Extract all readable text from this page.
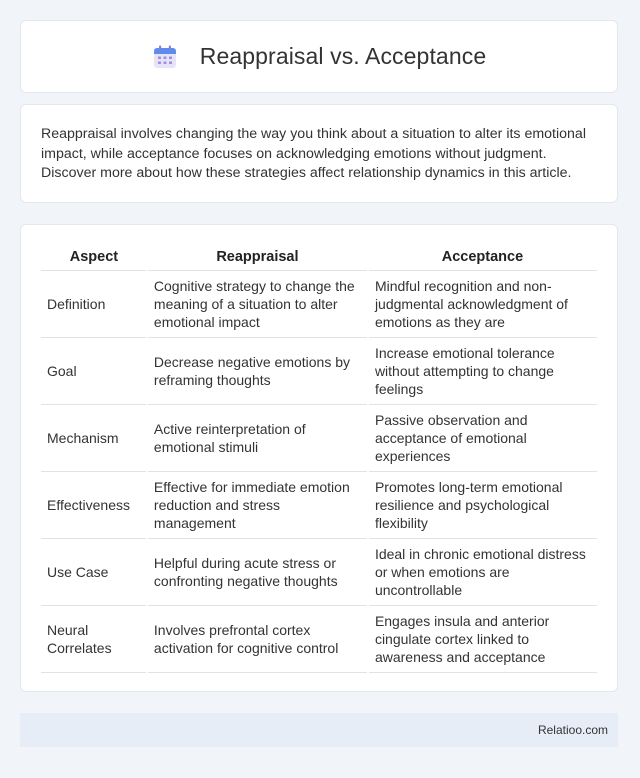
Reappraisal vs. Acceptance

Reappraisal involves changing the way you think about a situation to alter its emotional impact, while acceptance focuses on acknowledging emotions without judgment. Discover more about how these strategies affect relationship dynamics in this article.

Aspect	Reappraisal	Acceptance
Definition	Cognitive strategy to change the meaning of a situation to alter emotional impact	Mindful recognition and non-judgmental acknowledgment of emotions as they are
Goal	Decrease negative emotions by reframing thoughts	Increase emotional tolerance without attempting to change feelings
Mechanism	Active reinterpretation of emotional stimuli	Passive observation and acceptance of emotional experiences
Effectiveness	Effective for immediate emotion reduction and stress management	Promotes long-term emotional resilience and psychological flexibility
Use Case	Helpful during acute stress or confronting negative thoughts	Ideal in chronic emotional distress or when emotions are uncontrollable
Neural Correlates	Involves prefrontal cortex activation for cognitive control	Engages insula and anterior cingulate cortex linked to awareness and acceptance
Relatioo.com
